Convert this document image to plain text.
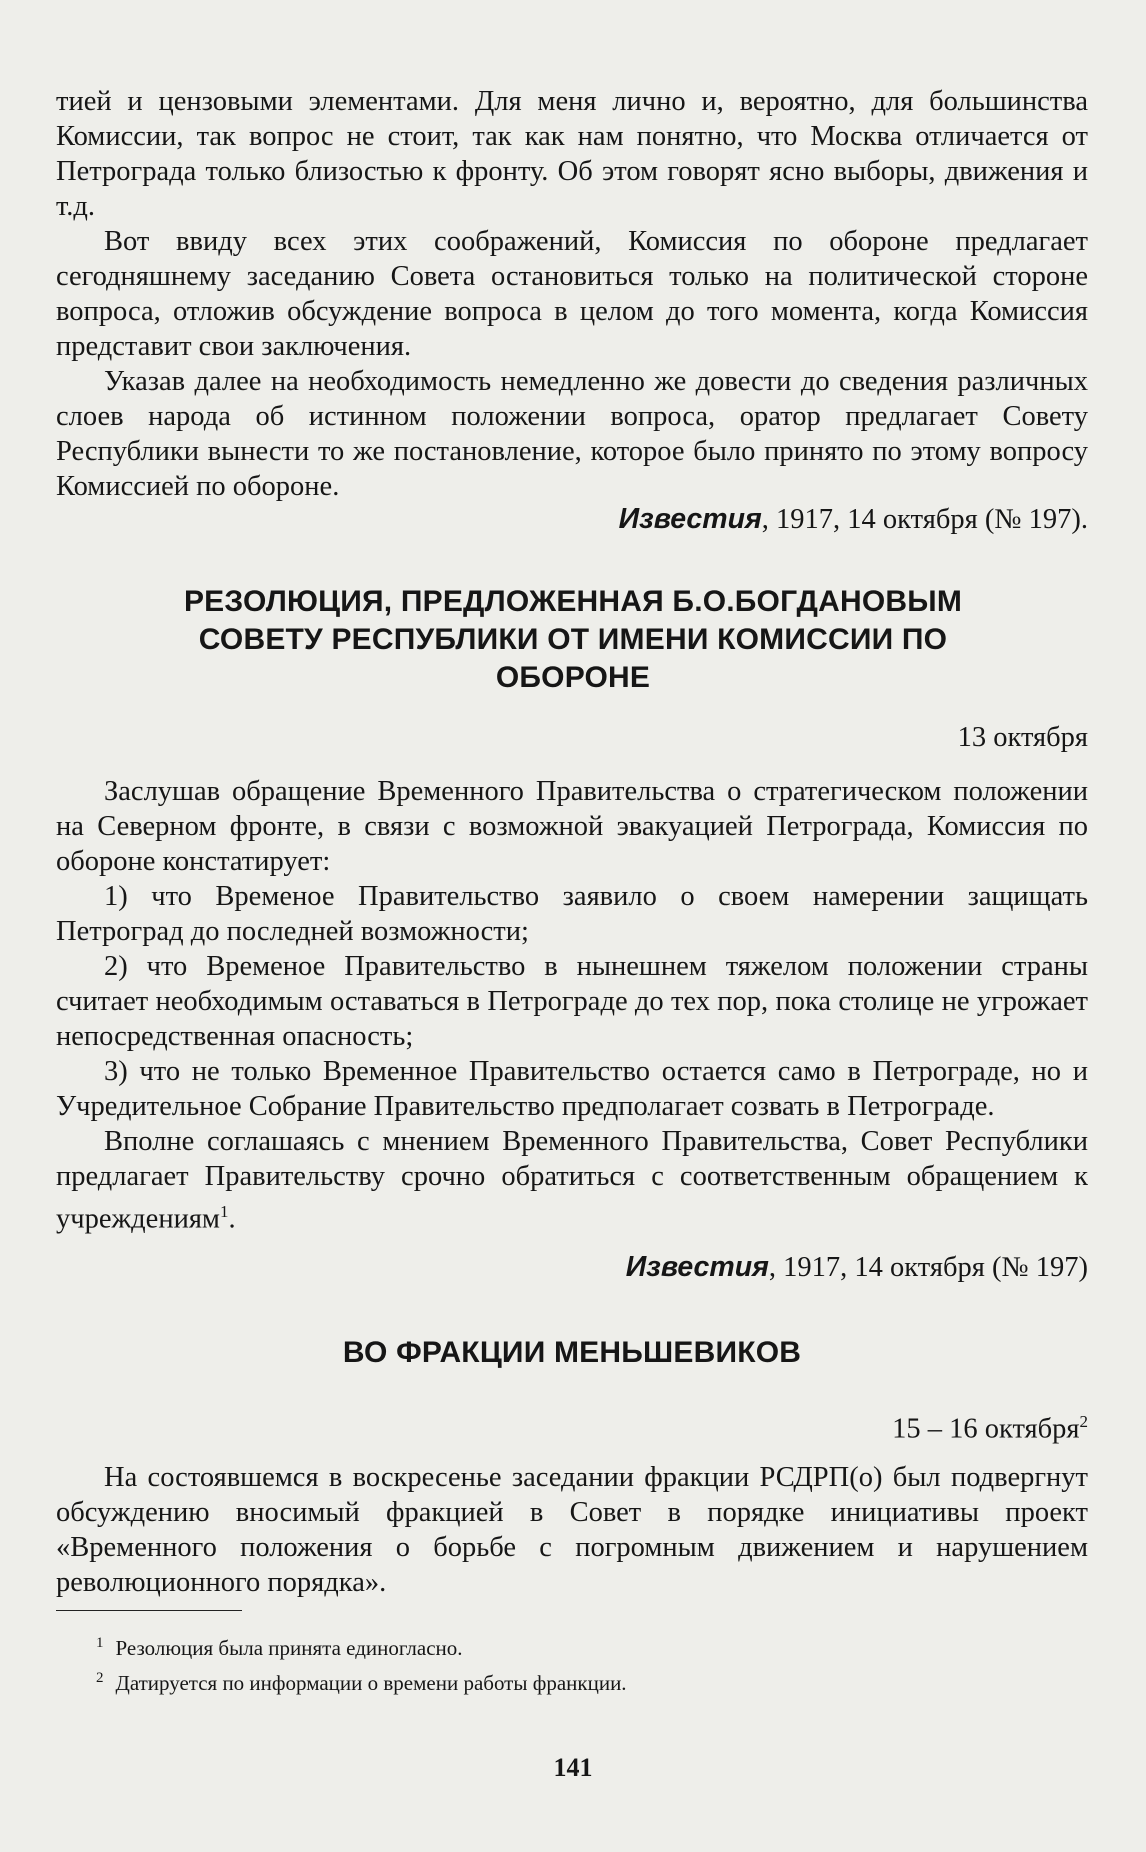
тией и цензовыми элементами. Для меня лично и, вероятно, для большинства Комиссии, так вопрос не стоит, так как нам понятно, что Москва отличается от Петрограда только близостью к фронту. Об этом говорят ясно выборы, движения и т.д.

Вот ввиду всех этих соображений, Комиссия по обороне предлагает сегодняшнему заседанию Совета остановиться только на политической стороне вопроса, отложив обсуждение вопроса в целом до того момента, когда Комиссия представит свои заключения.

Указав далее на необходимость немедленно же довести до сведения различных слоев народа об истинном положении вопроса, оратор предлагает Совету Республики вынести то же постановление, которое было принято по этому вопросу Комиссией по обороне.

Известия, 1917, 14 октября (№ 197).

РЕЗОЛЮЦИЯ, ПРЕДЛОЖЕННАЯ Б.О.БОГДАНОВЫМ СОВЕТУ РЕСПУБЛИКИ ОТ ИМЕНИ КОМИССИИ ПО ОБОРОНЕ

13 октября

Заслушав обращение Временного Правительства о стратегическом положении на Северном фронте, в связи с возможной эвакуацией Петрограда, Комиссия по обороне констатирует:

1) что Временое Правительство заявило о своем намерении защищать Петроград до последней возможности;

2) что Временое Правительство в нынешнем тяжелом положении страны считает необходимым оставаться в Петрограде до тех пор, пока столице не угрожает непосредственная опасность;

3) что не только Временное Правительство остается само в Петрограде, но и Учредительное Собрание Правительство предполагает созвать в Петрограде.

Вполне соглашаясь с мнением Временного Правительства, Совет Республики предлагает Правительству срочно обратиться с соответственным обращением к учреждениям$^1$.

Известия, 1917, 14 октября (№ 197)

ВО ФРАКЦИИ МЕНЬШЕВИКОВ

15 – 16 октября$^2$

На состоявшемся в воскресенье заседании фракции РСДРП(о) был подвергнут обсуждению вносимый фракцией в Совет в порядке инициативы проект «Временного положения о борьбе с погромным движением и нарушением революционного порядка».

$^1$ Резолюция была принята единогласно.

$^2$ Датируется по информации о времени работы франкции.

141
